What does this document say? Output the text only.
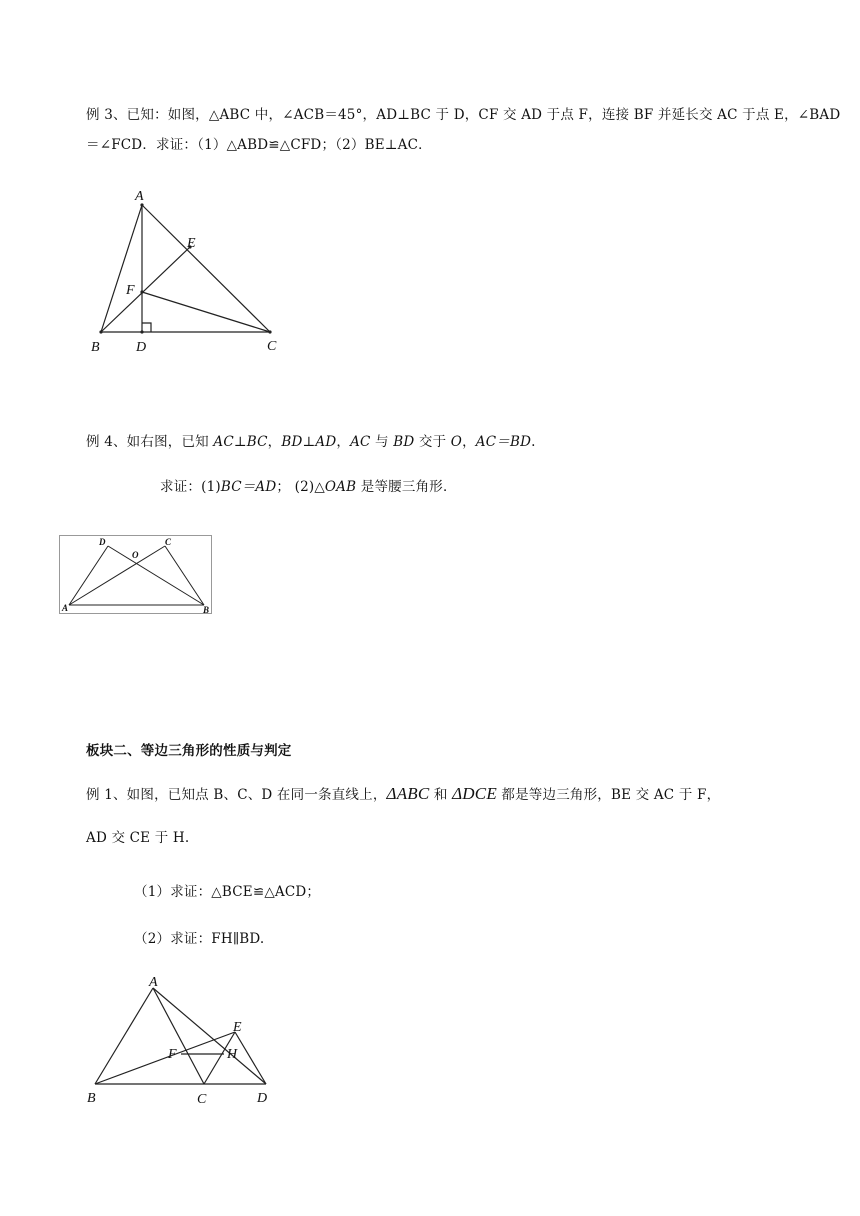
例 3、已知：如图，△ABC 中，∠ACB＝45°，AD⊥BC 于 D，CF 交 AD 于点 F，连接 BF 并延长交 AC 于点 E，∠BAD
＝∠FCD．求证：（1）△ABD≌△CFD；（2）BE⊥AC．
A
E
F
B	D	C
例 4、如右图，已知 AC⊥BC，BD⊥AD，AC 与 BD 交于 O，AC＝BD.
求证：(1)BC＝AD； (2)△OAB 是等腰三角形．
D	C
O
A	B
板块二、等边三角形的性质与判定
例 1、如图，已知点 B、C、D 在同一条直线上，ΔABC 和 ΔDCE 都是等边三角形，BE 交 AC 于 F，
AD 交 CE 于 H.
（1）求证：△BCE≌△ACD；
（2）求证：FH∥BD.
A
E
F	H
B	C	D
